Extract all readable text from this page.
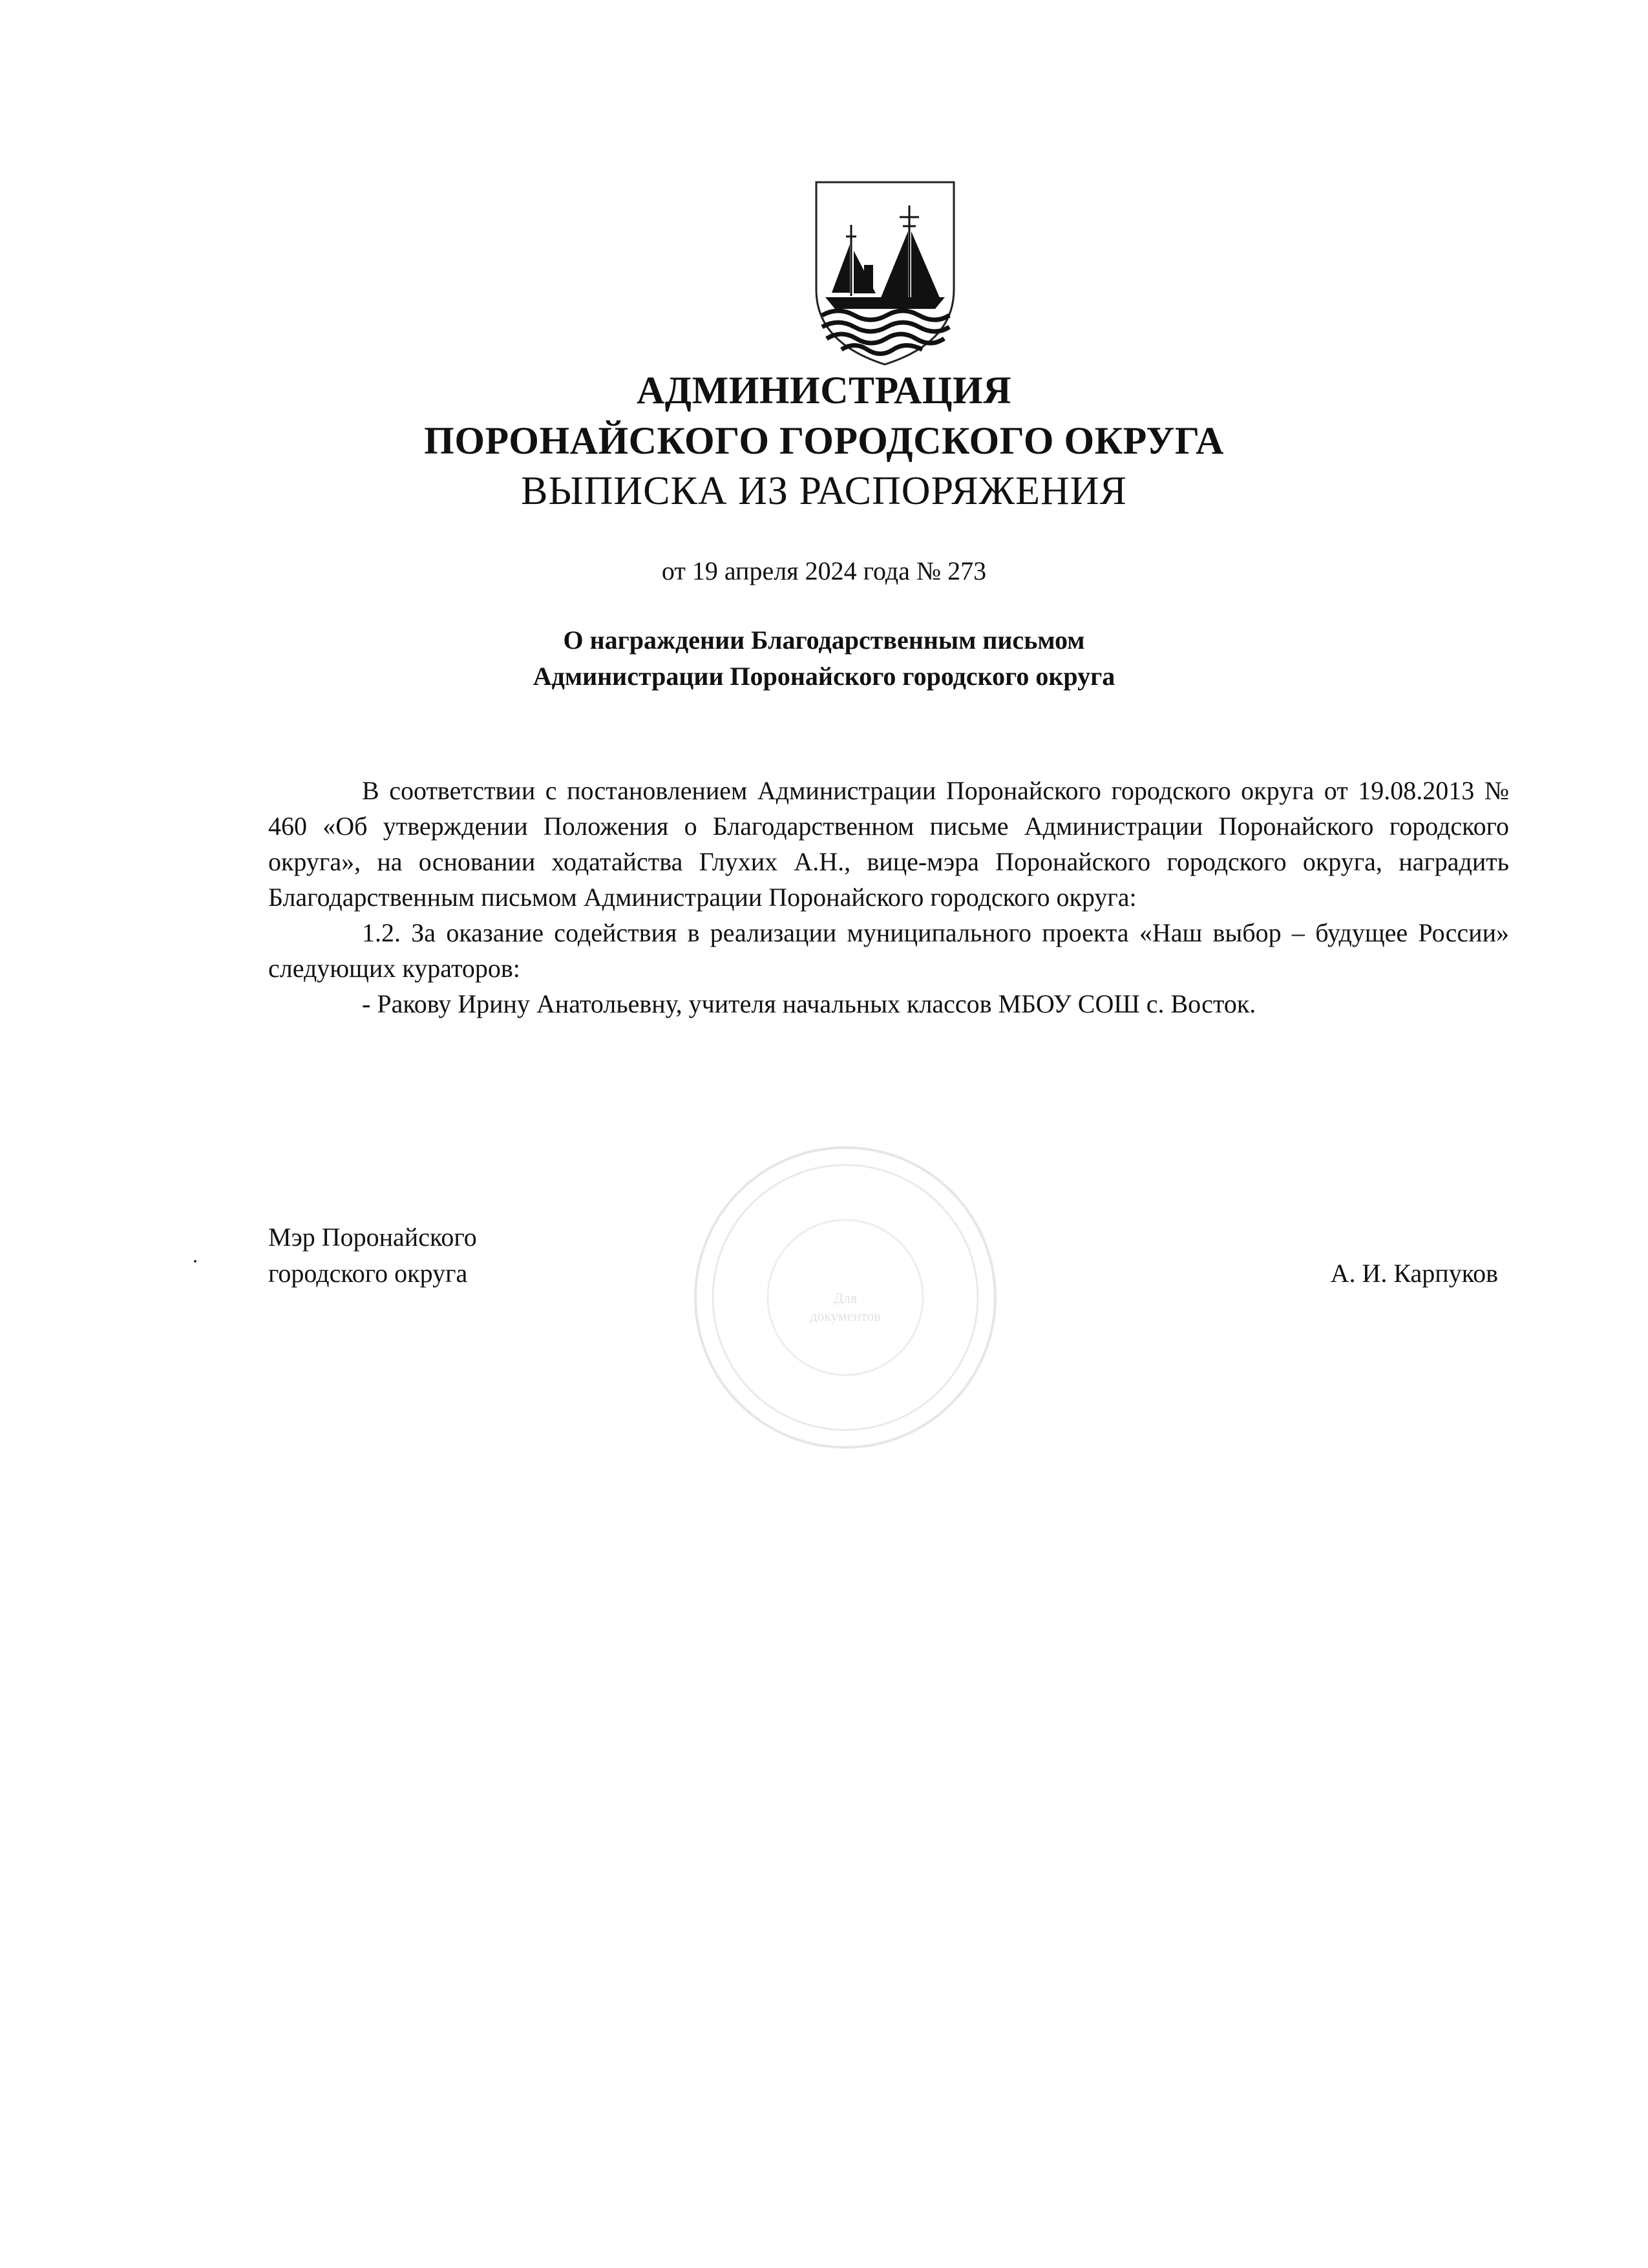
АДМИНИСТРАЦИЯ

ПОРОНАЙСКОГО ГОРОДСКОГО ОКРУГА

ВЫПИСКА ИЗ РАСПОРЯЖЕНИЯ

от 19 апреля 2024 года № 273
О награждении Благодарственным письмом
Администрации Поронайского городского округа

В соответствии с постановлением Администрации Поронайского городского округа от 19.08.2013 № 460 «Об утверждении Положения о Благодарственном письме Администрации Поронайского городского округа», на основании ходатайства Глухих А.Н., вице-мэра Поронайского городского округа, наградить Благодарственным письмом Администрации Поронайского городского округа:

1.2. За оказание содействия в реализации муниципального проекта «Наш выбор – будущее России» следующих кураторов:

- Ракову Ирину Анатольевну, учителя начальных классов МБОУ СОШ с. Восток.

Для
документов
Мэр Поронайского
городского округа	А. И. Карпуков
